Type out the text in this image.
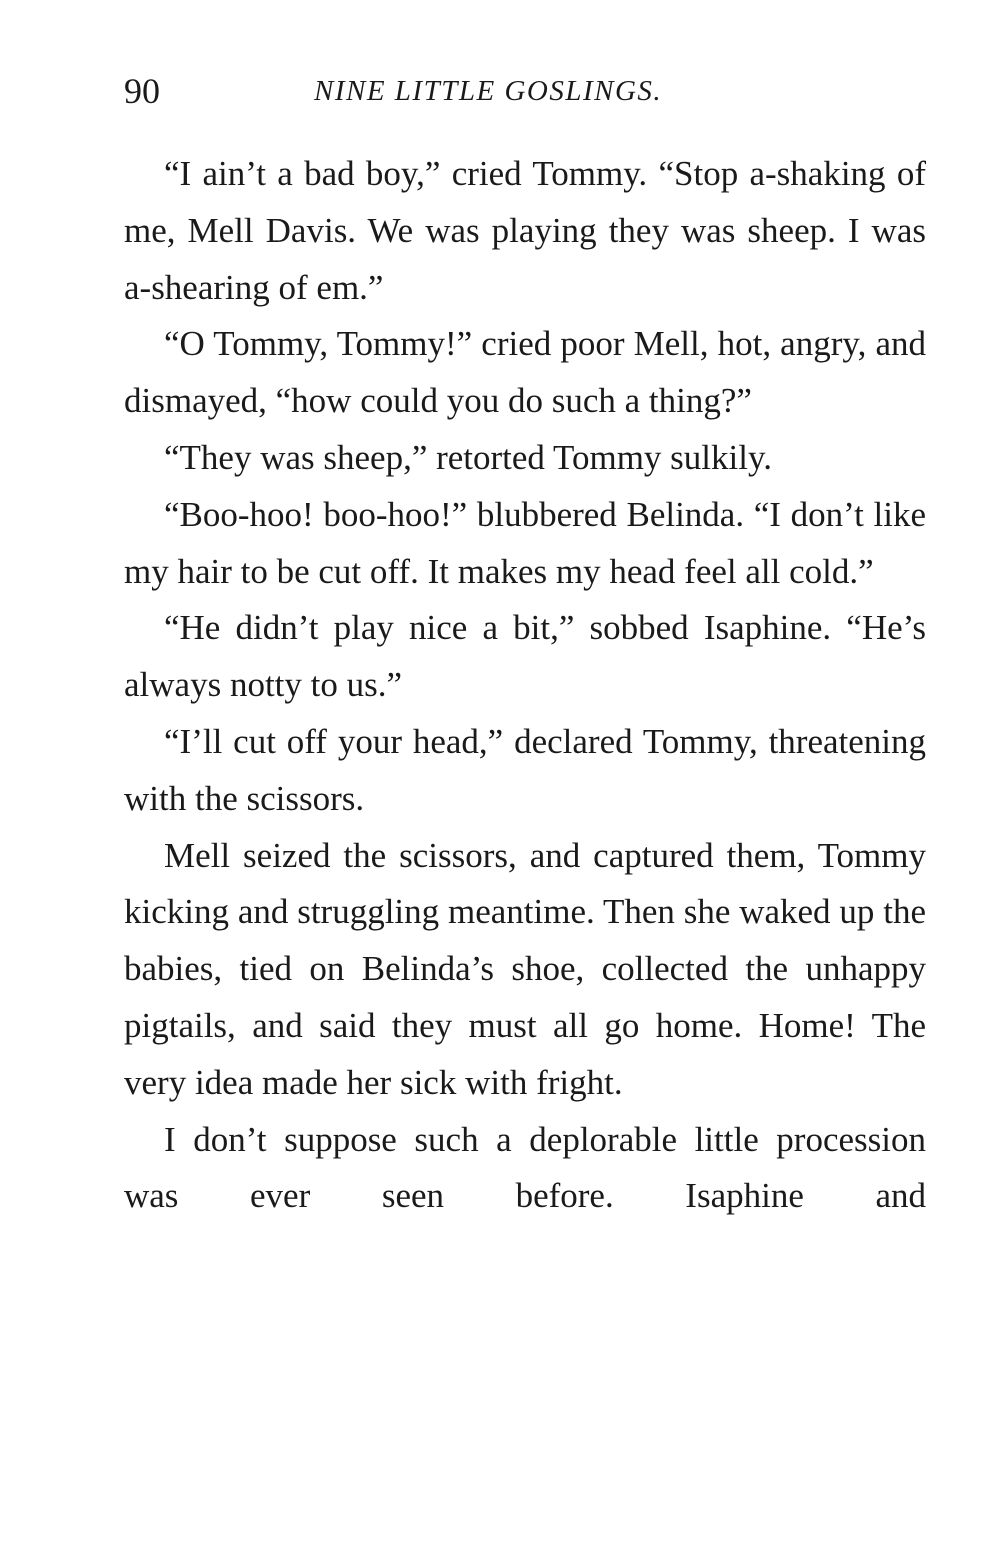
90	NINE LITTLE GOSLINGS.

“I ain’t a bad boy,” cried Tommy. “Stop a-shaking of me, Mell Davis. We was playing they was sheep. I was a-shearing of em.”

“O Tommy, Tommy!” cried poor Mell, hot, angry, and dismayed, “how could you do such a thing?”

“They was sheep,” retorted Tommy sulkily.

“Boo-hoo! boo-hoo!” blubbered Belinda. “I don’t like my hair to be cut off. It makes my head feel all cold.”

“He didn’t play nice a bit,” sobbed Isaphine. “He’s always notty to us.”

“I’ll cut off your head,” declared Tommy, threatening with the scissors.

Mell seized the scissors, and captured them, Tommy kicking and struggling meantime. Then she waked up the babies, tied on Belinda’s shoe, collected the unhappy pigtails, and said they must all go home. Home! The very idea made her sick with fright.

I don’t suppose such a deplorable little procession was ever seen before. Isaphine and
